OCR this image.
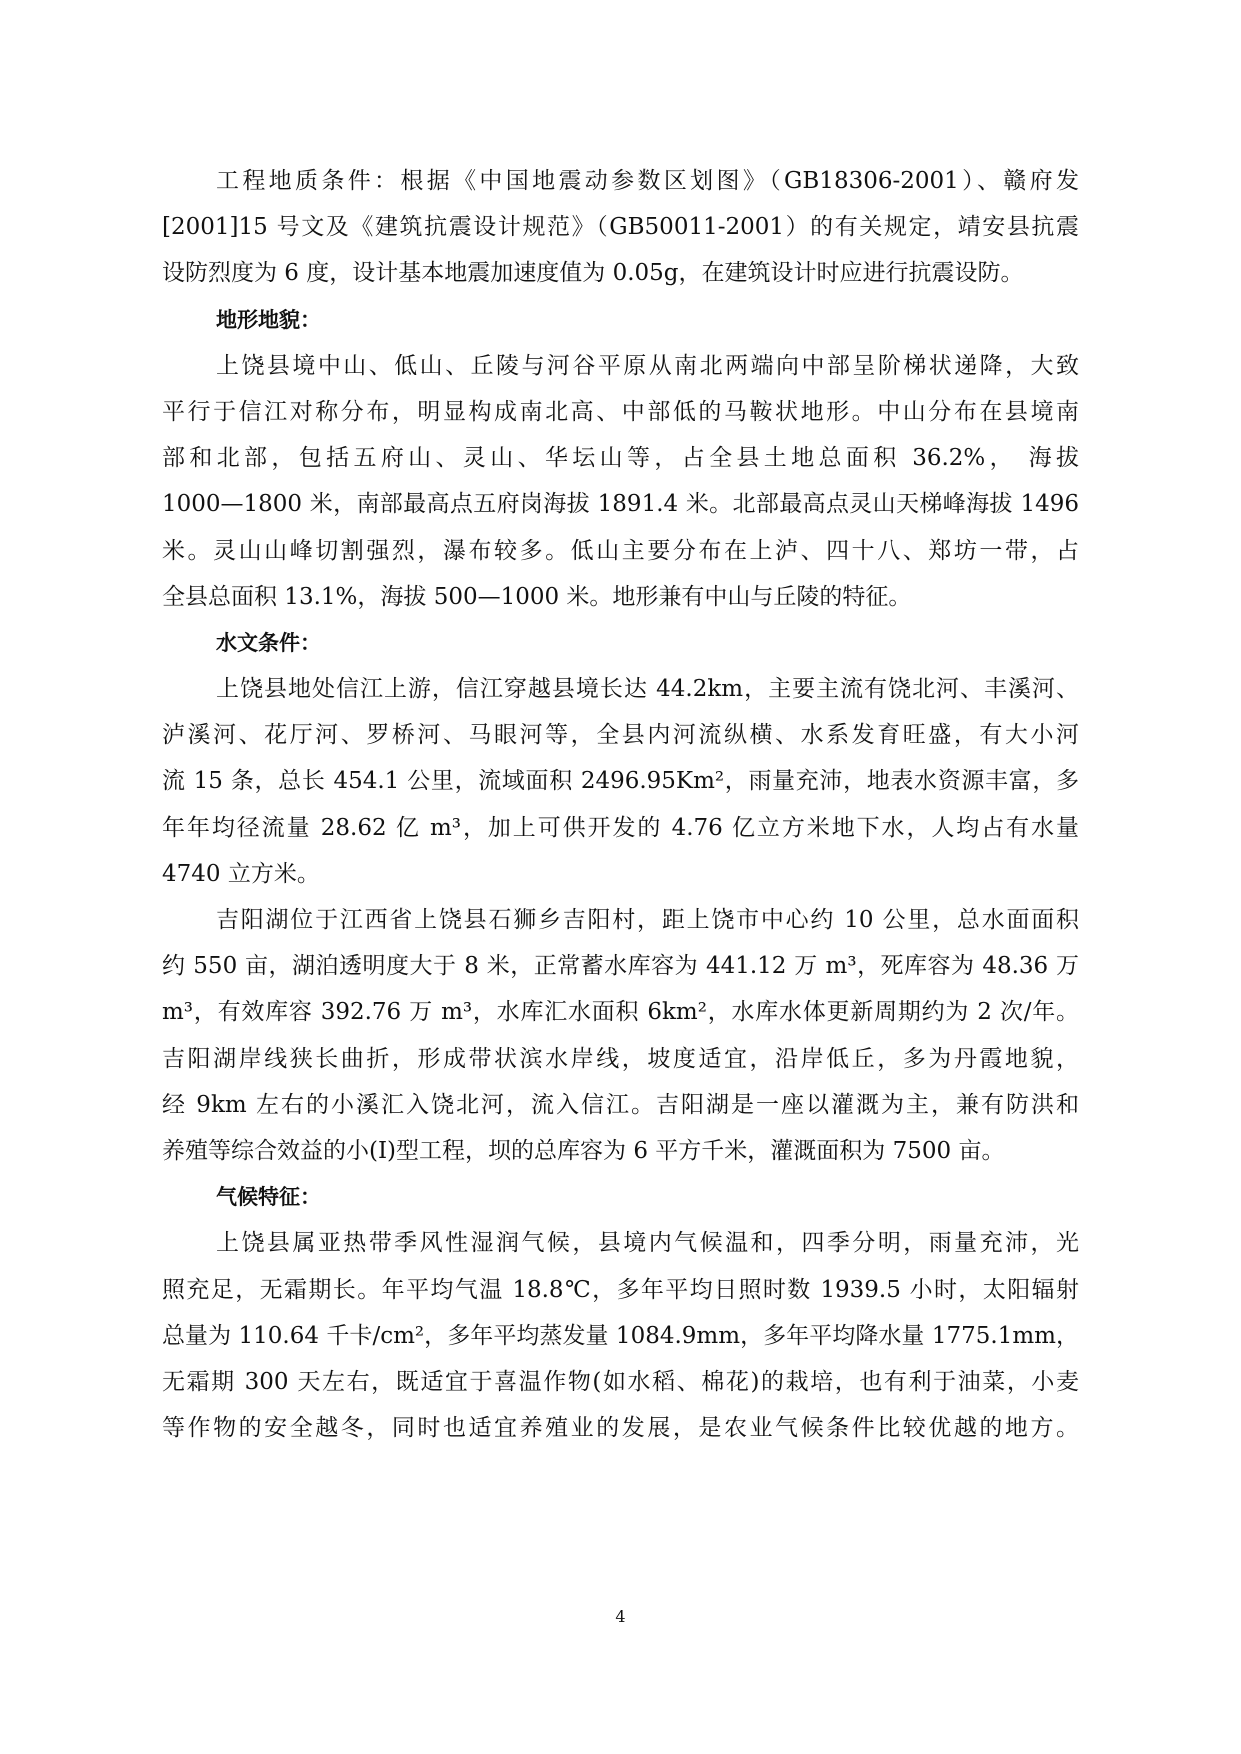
工程地质条件：根据《中国地震动参数区划图》（GB18306-2001）、赣府发
[2001]15 号文及《建筑抗震设计规范》（GB50011-2001）的有关规定，靖安县抗震
设防烈度为 6 度，设计基本地震加速度值为 0.05g，在建筑设计时应进行抗震设防。
地形地貌：
上饶县境中山、低山、丘陵与河谷平原从南北两端向中部呈阶梯状递降，大致
平行于信江对称分布，明显构成南北高、中部低的马鞍状地形。中山分布在县境南
部和北部，包括五府山、灵山、华坛山等，占全县土地总面积 36.2%， 海拔
1000—1800 米，南部最高点五府岗海拔 1891.4 米。北部最高点灵山天梯峰海拔 1496
米。灵山山峰切割强烈，瀑布较多。低山主要分布在上泸、四十八、郑坊一带，占
全县总面积 13.1%，海拔 500—1000 米。地形兼有中山与丘陵的特征。
水文条件：
上饶县地处信江上游，信江穿越县境长达 44.2km，主要主流有饶北河、丰溪河、
泸溪河、花厅河、罗桥河、马眼河等，全县内河流纵横、水系发育旺盛，有大小河
流 15 条，总长 454.1 公里，流域面积 2496.95Km²，雨量充沛，地表水资源丰富，多
年年均径流量 28.62 亿 m³，加上可供开发的 4.76 亿立方米地下水，人均占有水量
4740 立方米。
吉阳湖位于江西省上饶县石狮乡吉阳村，距上饶市中心约 10 公里，总水面面积
约 550 亩，湖泊透明度大于 8 米，正常蓄水库容为 441.12 万 m³，死库容为 48.36 万
m³，有效库容 392.76 万 m³，水库汇水面积 6km²，水库水体更新周期约为 2 次/年。
吉阳湖岸线狭长曲折，形成带状滨水岸线，坡度适宜，沿岸低丘，多为丹霞地貌，
经 9km 左右的小溪汇入饶北河，流入信江。吉阳湖是一座以灌溉为主，兼有防洪和
养殖等综合效益的小(Ⅰ)型工程，坝的总库容为 6 平方千米，灌溉面积为 7500 亩。
气候特征：
上饶县属亚热带季风性湿润气候，县境内气候温和，四季分明，雨量充沛，光
照充足，无霜期长。年平均气温 18.8℃，多年平均日照时数 1939.5 小时，太阳辐射
总量为 110.64 千卡/cm²，多年平均蒸发量 1084.9mm，多年平均降水量 1775.1mm，
无霜期 300 天左右，既适宜于喜温作物(如水稻、棉花)的栽培，也有利于油菜，小麦
等作物的安全越冬，同时也适宜养殖业的发展，是农业气候条件比较优越的地方。
4
